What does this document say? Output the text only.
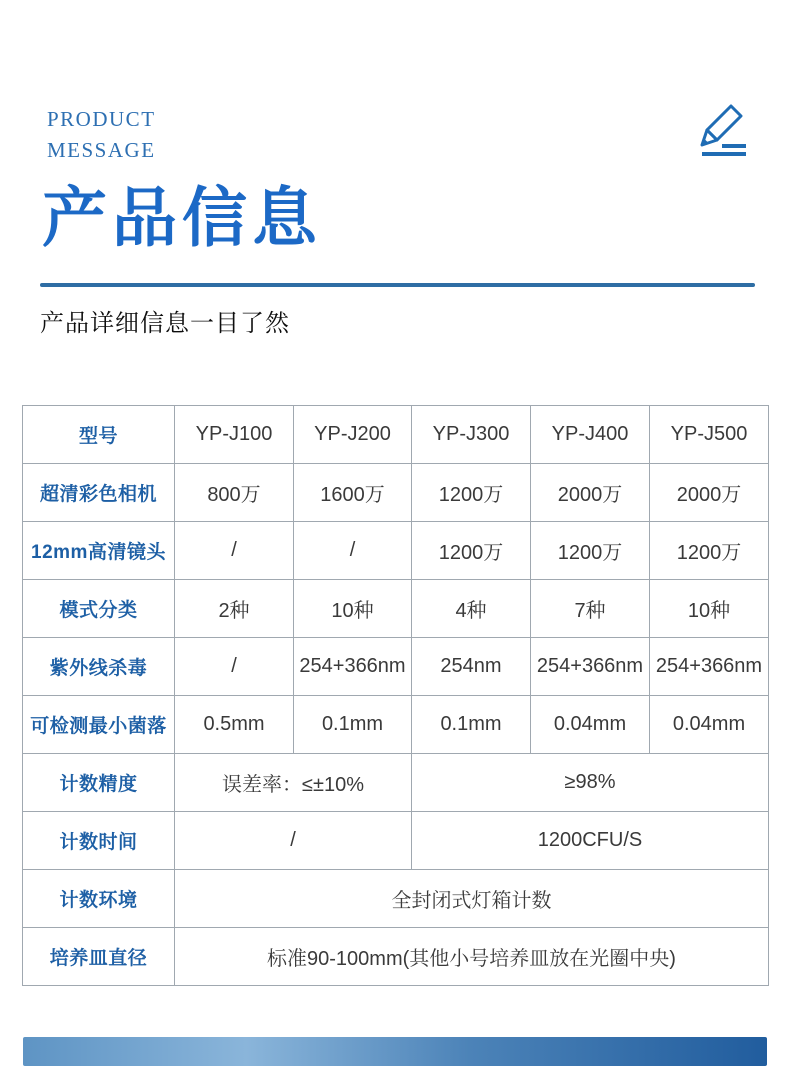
PRODUCT
MESSAGE
产品信息
产品详细信息一目了然
型号	YP-J100	YP-J200	YP-J300	YP-J400	YP-J500
超清彩色相机	800万	1600万	1200万	2000万	2000万
12mm高清镜头	/	/	1200万	1200万	1200万
模式分类	2种	10种	4种	7种	10种
紫外线杀毒	/	254+366nm	254nm	254+366nm	254+366nm
可检测最小菌落	0.5mm	0.1mm	0.1mm	0.04mm	0.04mm
计数精度	误差率：≤±10%		≥98%		
计数时间	/		1200CFU/S		
计数环境	全封闭式灯箱计数				
培养皿直径	标准90-100mm(其他小号培养皿放在光圈中央)				
